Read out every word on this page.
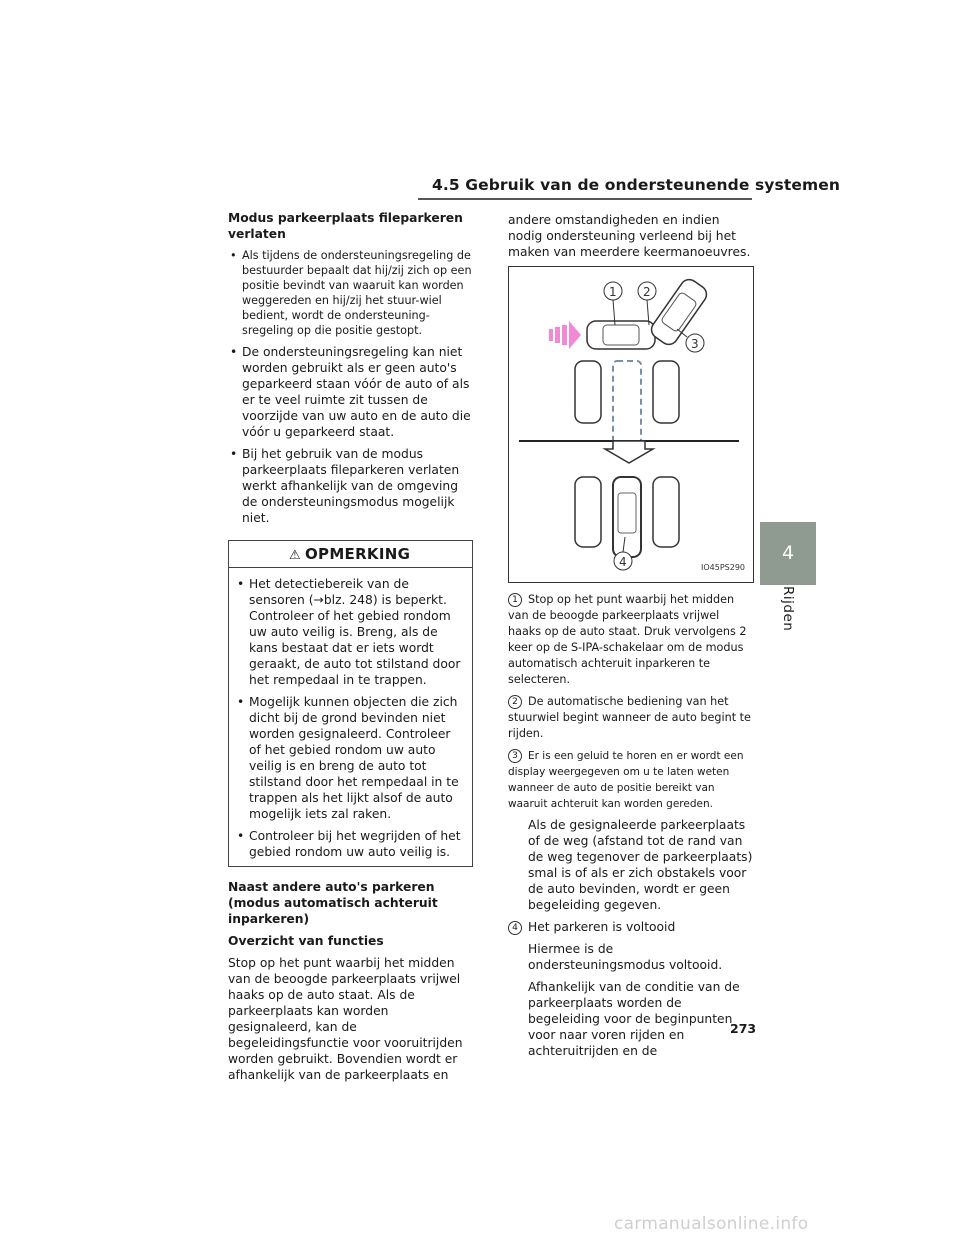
4.5 Gebruik van de ondersteunende systemen
4
Rijden
Modus parkeerplaats fileparkeren verlaten
• Als tijdens de ondersteuningsregeling de bestuurder bepaalt dat hij/zij zich op een positie bevindt van waaruit kan worden weggereden en hij/zij het stuur-wiel bedient, wordt de ondersteuning-sregeling op die positie gestopt.
• De ondersteuningsregeling kan niet worden gebruikt als er geen auto's geparkeerd staan vóór de auto of als er te veel ruimte zit tussen de voorzijde van uw auto en de auto die vóór u geparkeerd staat.
• Bij het gebruik van de modus parkeerplaats fileparkeren verlaten werkt afhankelijk van de omgeving de ondersteuningsmodus mogelijk niet.
⚠ OPMERKING
• Het detectiebereik van de sensoren (→blz. 248) is beperkt. Controleer of het gebied rondom uw auto veilig is. Breng, als de kans bestaat dat er iets wordt geraakt, de auto tot stilstand door het rempedaal in te trappen.
• Mogelijk kunnen objecten die zich dicht bij de grond bevinden niet worden gesignaleerd. Controleer of het gebied rondom uw auto veilig is en breng de auto tot stilstand door het rempedaal in te trappen als het lijkt alsof de auto mogelijk iets zal raken.
• Controleer bij het wegrijden of het gebied rondom uw auto veilig is.
Naast andere auto's parkeren (modus automatisch achteruit inparkeren)
Overzicht van functies

Stop op het punt waarbij het midden van de beoogde parkeerplaats vrijwel haaks op de auto staat. Als de parkeerplaats kan worden gesignaleerd, kan de begeleidingsfunctie voor vooruitrijden worden gebruikt. Bovendien wordt er afhankelijk van de parkeerplaats en

andere omstandigheden en indien nodig ondersteuning verleend bij het maken van meerdere keermanoeuvres.

1 2
3
4	IO45PS290
1 Stop op het punt waarbij het midden van de beoogde parkeerplaats vrijwel haaks op de auto staat. Druk vervolgens 2 keer op de S-IPA-schakelaar om de modus automatisch achteruit inparkeren te selecteren.
2 De automatische bediening van het stuurwiel begint wanneer de auto begint te rijden.
3 Er is een geluid te horen en er wordt een display weergegeven om u te laten weten wanneer de auto de positie bereikt van waaruit achteruit kan worden gereden.

Als de gesignaleerde parkeerplaats of de weg (afstand tot de rand van de weg tegenover de parkeerplaats) smal is of als er zich obstakels voor de auto bevinden, wordt er geen begeleiding gegeven.

4 Het parkeren is voltooid

Hiermee is de ondersteuningsmodus voltooid.

Afhankelijk van de conditie van de parkeerplaats worden de begeleiding voor de beginpunten voor naar voren rijden en achteruitrijden en de

273
carmanualsonline.info
